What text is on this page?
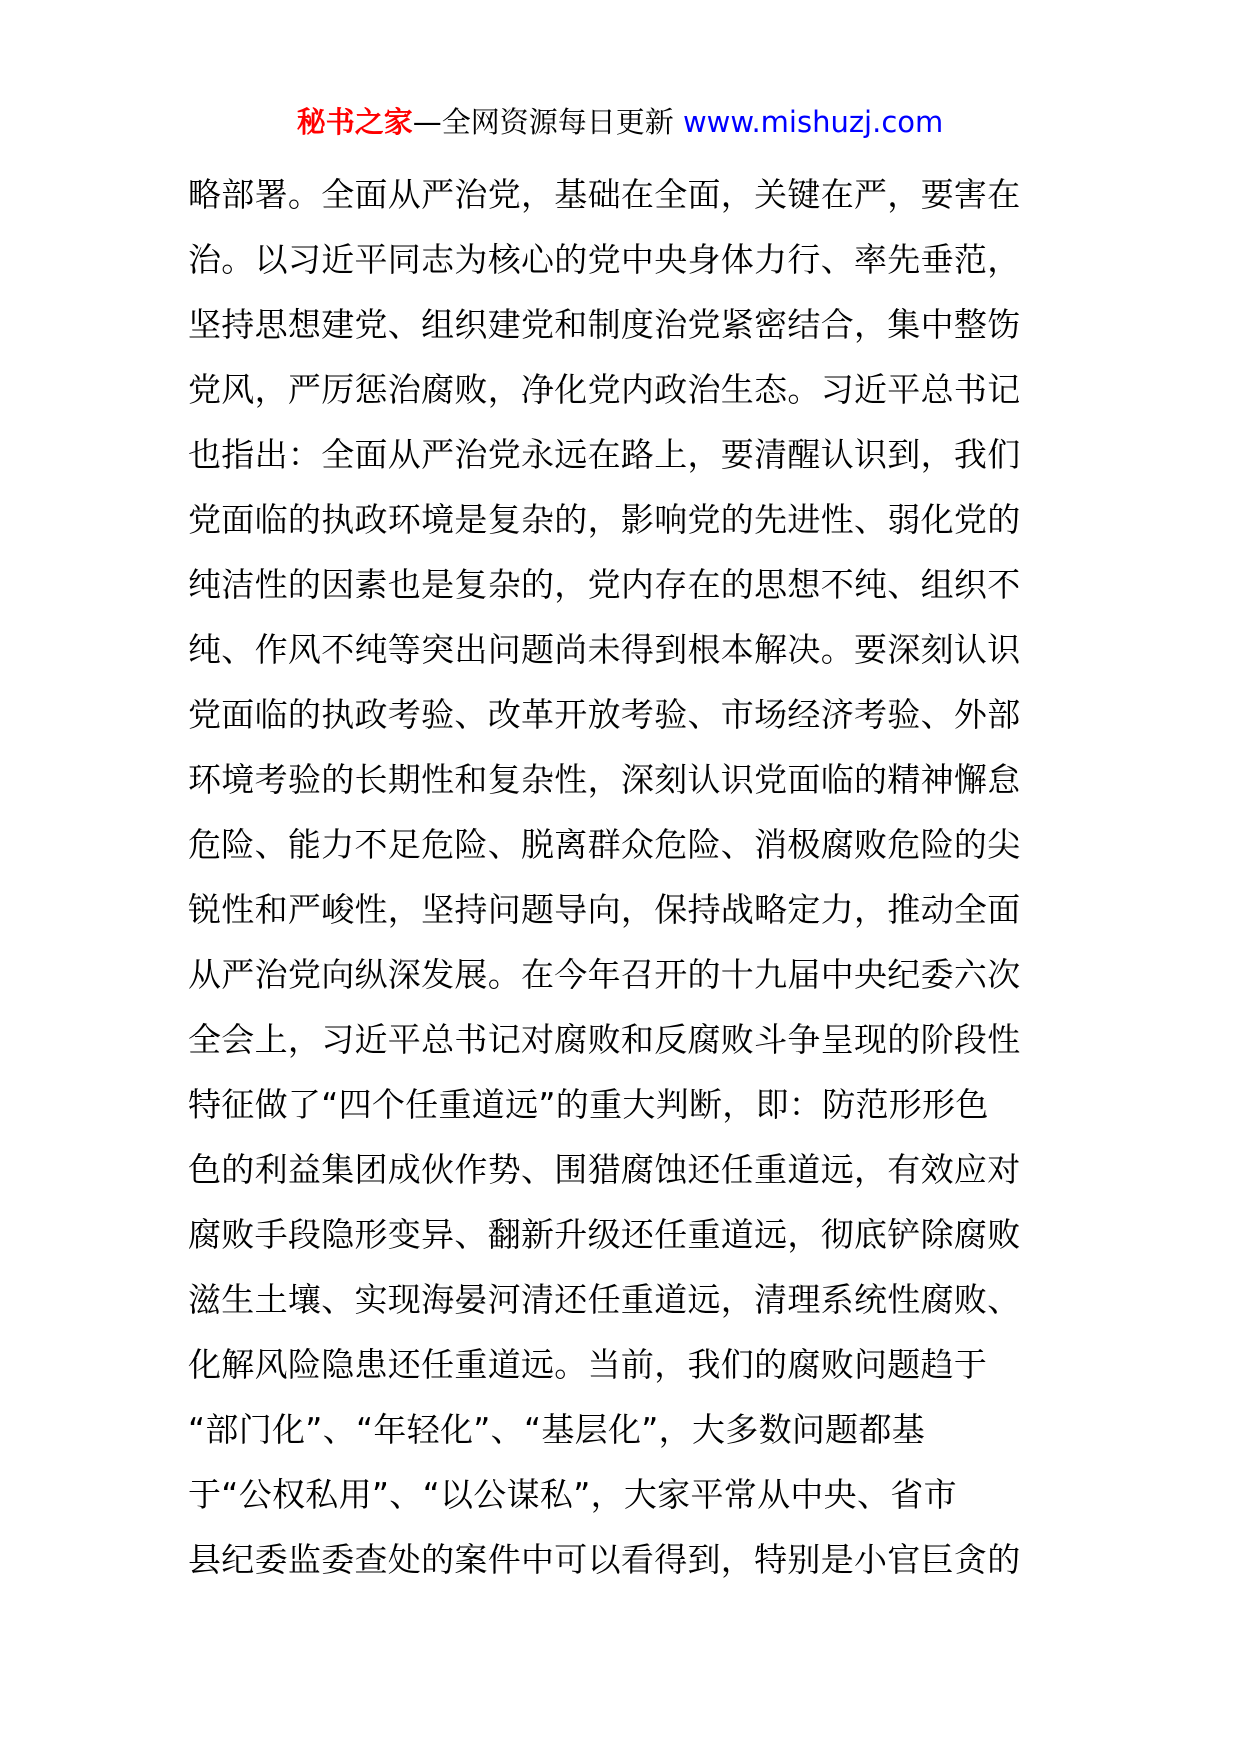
秘书之家—全网资源每日更新 www.mishuzj.com
略部署。全面从严治党，基础在全面，关键在严，要害在
治。以习近平同志为核心的党中央身体力行、率先垂范，
坚持思想建党、组织建党和制度治党紧密结合，集中整饬
党风，严厉惩治腐败，净化党内政治生态。习近平总书记
也指出：全面从严治党永远在路上，要清醒认识到，我们
党面临的执政环境是复杂的，影响党的先进性、弱化党的
纯洁性的因素也是复杂的，党内存在的思想不纯、组织不
纯、作风不纯等突出问题尚未得到根本解决。要深刻认识
党面临的执政考验、改革开放考验、市场经济考验、外部
环境考验的长期性和复杂性，深刻认识党面临的精神懈怠
危险、能力不足危险、脱离群众危险、消极腐败危险的尖
锐性和严峻性，坚持问题导向，保持战略定力，推动全面
从严治党向纵深发展。在今年召开的十九届中央纪委六次
全会上，习近平总书记对腐败和反腐败斗争呈现的阶段性
特征做了“四个任重道远”的重大判断，即：防范形形色
色的利益集团成伙作势、围猎腐蚀还任重道远，有效应对
腐败手段隐形变异、翻新升级还任重道远，彻底铲除腐败
滋生土壤、实现海晏河清还任重道远，清理系统性腐败、
化解风险隐患还任重道远。当前，我们的腐败问题趋于
“部门化”、“年轻化”、“基层化”，大多数问题都基
于“公权私用”、“以公谋私”，大家平常从中央、省市
县纪委监委查处的案件中可以看得到，特别是小官巨贪的
